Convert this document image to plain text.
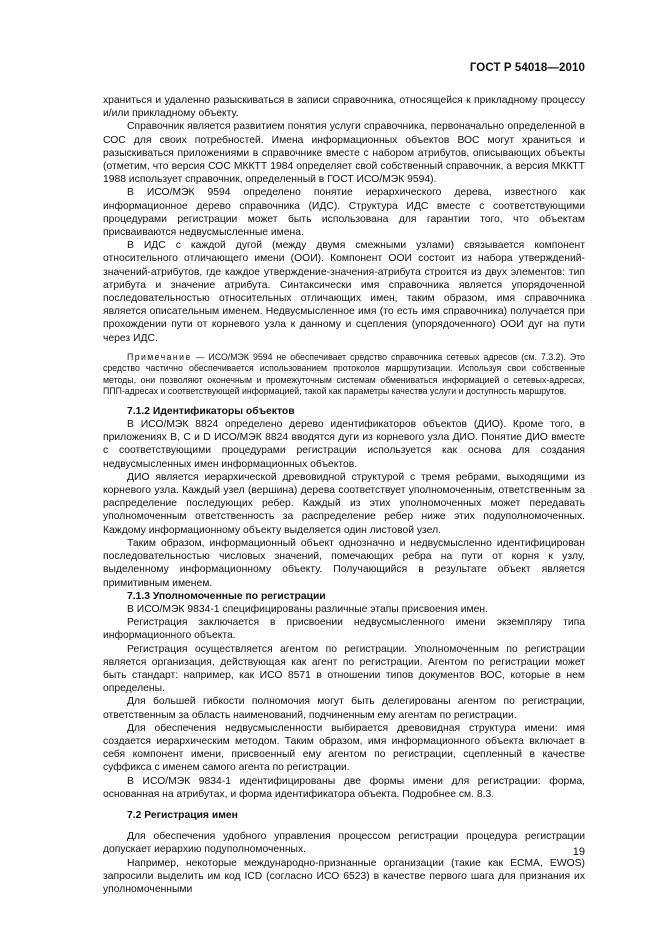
ГОСТ Р 54018—2010

храниться и удаленно разыскиваться в записи справочника, относящейся к прикладному процессу и/или прикладному объекту.

Справочник является развитием понятия услуги справочника, первоначально определенной в СОС для своих потребностей. Имена информационных объектов ВОС могут храниться и разыскиваться приложениями в справочнике вместе с набором атрибутов, описывающих объекты (отметим, что версия СОС МККТТ 1984 определяет свой собственный справочник, а версия МККТТ 1988 использует справочник, определенный в ГОСТ ИСО/МЭК 9594).

В ИСО/МЭК 9594 определено понятие иерархического дерева, известного как информационное дерево справочника (ИДС). Структура ИДС вместе с соответствующими процедурами регистрации может быть использована для гарантии того, что объектам присваиваются недвусмысленные имена.

В ИДС с каждой дугой (между двумя смежными узлами) связывается компонент относительного отличающего имени (ООИ). Компонент ООИ состоит из набора утверждений-значений-атрибутов, где каждое утверждение-значения-атрибута строится из двух элементов: тип атрибута и значение атрибута. Синтаксически имя справочника является упорядоченной последовательностью относительных отличающих имен, таким образом, имя справочника является описательным именем. Недвусмысленное имя (то есть имя справочника) получается при прохождении пути от корневого узла к данному и сцепления (упорядоченного) ООИ дуг на пути через ИДС.

Примечание — ИСО/МЭК 9594 не обеспечивает средство справочника сетевых адресов (см. 7.3.2). Это средство частично обеспечивается использованием протоколов маршрутизации. Используя свои собственные методы, они позволяют оконечным и промежуточным системам обмениваться информацией о сетевых-адресах, ППП-адресах и соответствующей информацией, такой как параметры качества услуги и доступность маршрутов.

7.1.2 Идентификаторы объектов

В ИСО/МЭК 8824 определено дерево идентификаторов объектов (ДИО). Кроме того, в приложениях B, C и D ИСО/МЭК 8824 вводятся дуги из корневого узла ДИО. Понятие ДИО вместе с соответствующими процедурами регистрации используется как основа для создания недвусмысленных имен информационных объектов.

ДИО является иерархической древовидной структурой с тремя ребрами, выходящими из корневого узла. Каждый узел (вершина) дерева соответствует уполномоченным, ответственным за распределение последующих ребер. Каждый из этих уполномоченных может передавать уполномоченным ответственность за распределение ребер ниже этих подуполномоченных. Каждому информационному объекту выделяется один листовой узел.

Таким образом, информационный объект однозначно и недвусмысленно идентифицирован последовательностью числовых значений, помечающих ребра на пути от корня к узлу, выделенному информационному объекту. Получающийся в результате объект является примитивным именем.

7.1.3 Уполномоченные по регистрации

В ИСО/МЭК 9834-1 специфицированы различные этапы присвоения имен.

Регистрация заключается в присвоении недвусмысленного имени экземпляру типа информационного объекта.

Регистрация осуществляется агентом по регистрации. Уполномоченным по регистрации является организация, действующая как агент по регистрации. Агентом по регистрации может быть стандарт: например, как ИСО 8571 в отношении типов документов ВОС, которые в нем определены.

Для большей гибкости полномочия могут быть делегированы агентом по регистрации, ответственным за область наименований, подчиненным ему агентам по регистрации.

Для обеспечения недвусмысленности выбирается древовидная структура имени: имя создается иерархическим методом. Таким образом, имя информационного объекта включает в себя компонент имени, присвоенный ему агентом по регистрации, сцепленный в качестве суффикса с именем самого агента по регистрации.

В ИСО/МЭК 9834-1 идентифицированы две формы имени для регистрации: форма, основанная на атрибутах, и форма идентификатора объекта. Подробнее см. 8.3.

7.2 Регистрация имен

Для обеспечения удобного управления процессом регистрации процедура регистрации допускает иерархию подуполномоченных.

Например, некоторые международно-признанные организации (такие как ECMA, EWOS) запросили выделить им код ICD (согласно ИСО 6523) в качестве первого шага для признания их уполномоченными

19
